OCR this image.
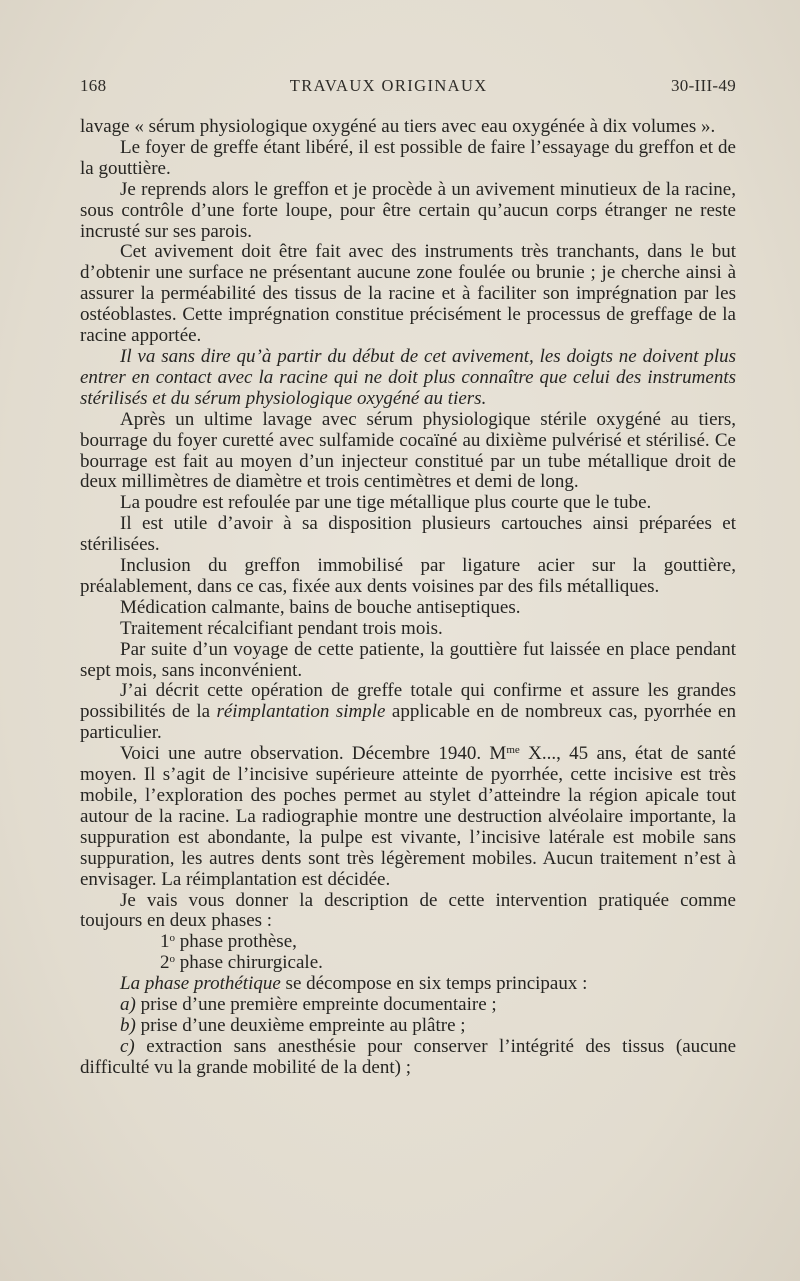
168	TRAVAUX ORIGINAUX	30-III-49

lavage « sérum physiologique oxygéné au tiers avec eau oxygénée à dix volumes ».

Le foyer de greffe étant libéré, il est possible de faire l’essayage du greffon et de la gouttière.

Je reprends alors le greffon et je procède à un avivement minutieux de la racine, sous contrôle d’une forte loupe, pour être certain qu’aucun corps étranger ne reste incrusté sur ses parois.

Cet avivement doit être fait avec des instruments très tranchants, dans le but d’obtenir une surface ne présentant aucune zone foulée ou brunie ; je cherche ainsi à assurer la perméabilité des tissus de la racine et à faciliter son imprégnation par les ostéoblastes. Cette imprégnation constitue précisément le processus de greffage de la racine apportée.

Il va sans dire qu’à partir du début de cet avivement, les doigts ne doivent plus entrer en contact avec la racine qui ne doit plus connaître que celui des instruments stérilisés et du sérum physiologique oxygéné au tiers.

Après un ultime lavage avec sérum physiologique stérile oxygéné au tiers, bourrage du foyer curetté avec sulfamide cocaïné au dixième pulvérisé et stérilisé. Ce bourrage est fait au moyen d’un injecteur constitué par un tube métallique droit de deux millimètres de diamètre et trois centimètres et demi de long.

La poudre est refoulée par une tige métallique plus courte que le tube.

Il est utile d’avoir à sa disposition plusieurs cartouches ainsi préparées et stérilisées.

Inclusion du greffon immobilisé par ligature acier sur la gouttière, préalablement, dans ce cas, fixée aux dents voisines par des fils métalliques.

Médication calmante, bains de bouche antiseptiques.

Traitement récalcifiant pendant trois mois.

Par suite d’un voyage de cette patiente, la gouttière fut laissée en place pendant sept mois, sans inconvénient.

J’ai décrit cette opération de greffe totale qui confirme et assure les grandes possibilités de la réimplantation simple applicable en de nombreux cas, pyorrhée en particulier.

Voici une autre observation. Décembre 1940. $M^{me}$ X..., 45 ans, état de santé moyen. Il s’agit de l’incisive supérieure atteinte de pyorrhée, cette incisive est très mobile, l’exploration des poches permet au stylet d’atteindre la région apicale tout autour de la racine. La radiographie montre une destruction alvéolaire importante, la suppuration est abondante, la pulpe est vivante, l’incisive latérale est mobile sans suppuration, les autres dents sont très légèrement mobiles. Aucun traitement n’est à envisager. La réimplantation est décidée.

Je vais vous donner la description de cette intervention pratiquée comme toujours en deux phases :

1$^o$ phase prothèse,

2$^o$ phase chirurgicale.

La phase prothétique se décompose en six temps principaux :

a) prise d’une première empreinte documentaire ;

b) prise d’une deuxième empreinte au plâtre ;

c) extraction sans anesthésie pour conserver l’intégrité des tissus (aucune difficulté vu la grande mobilité de la dent) ;
